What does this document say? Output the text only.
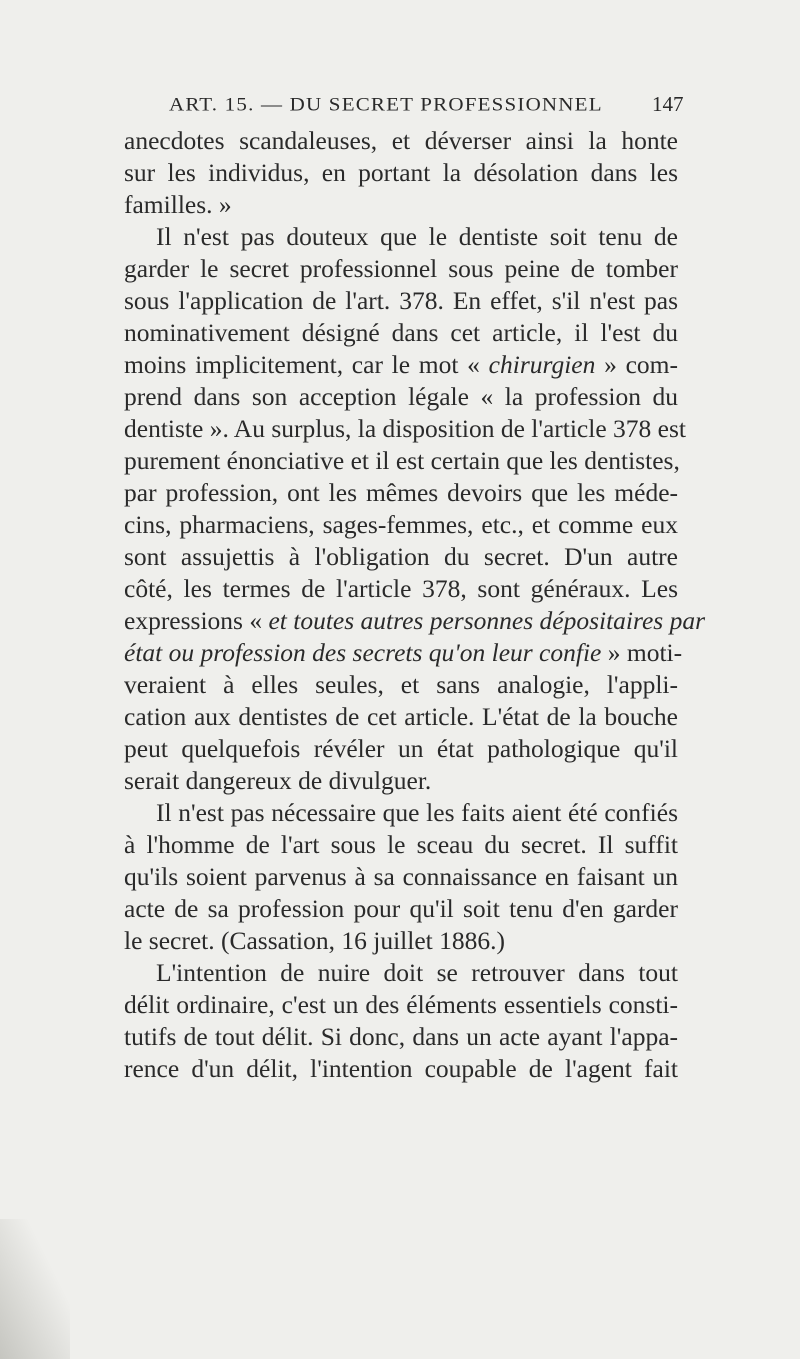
ART. 15. — DU SECRET PROFESSIONNEL 147
anecdotes scandaleuses, et déverser ainsi la honte
sur les individus, en portant la désolation dans les
familles. »
Il n'est pas douteux que le dentiste soit tenu de
garder le secret professionnel sous peine de tomber
sous l'application de l'art. 378. En effet, s'il n'est pas
nominativement désigné dans cet article, il l'est du
moins implicitement, car le mot « chirurgien » com-
prend dans son acception légale « la profession du
dentiste ». Au surplus, la disposition de l'article 378 est
purement énonciative et il est certain que les dentistes,
par profession, ont les mêmes devoirs que les méde-
cins, pharmaciens, sages-femmes, etc., et comme eux
sont assujettis à l'obligation du secret. D'un autre
côté, les termes de l'article 378, sont généraux. Les
expressions « et toutes autres personnes dépositaires par
état ou profession des secrets qu'on leur confie » moti-
veraient à elles seules, et sans analogie, l'appli-
cation aux dentistes de cet article. L'état de la bouche
peut quelquefois révéler un état pathologique qu'il
serait dangereux de divulguer.
Il n'est pas nécessaire que les faits aient été confiés
à l'homme de l'art sous le sceau du secret. Il suffit
qu'ils soient parvenus à sa connaissance en faisant un
acte de sa profession pour qu'il soit tenu d'en garder
le secret. (Cassation, 16 juillet 1886.)
L'intention de nuire doit se retrouver dans tout
délit ordinaire, c'est un des éléments essentiels consti-
tutifs de tout délit. Si donc, dans un acte ayant l'appa-
rence d'un délit, l'intention coupable de l'agent fait
